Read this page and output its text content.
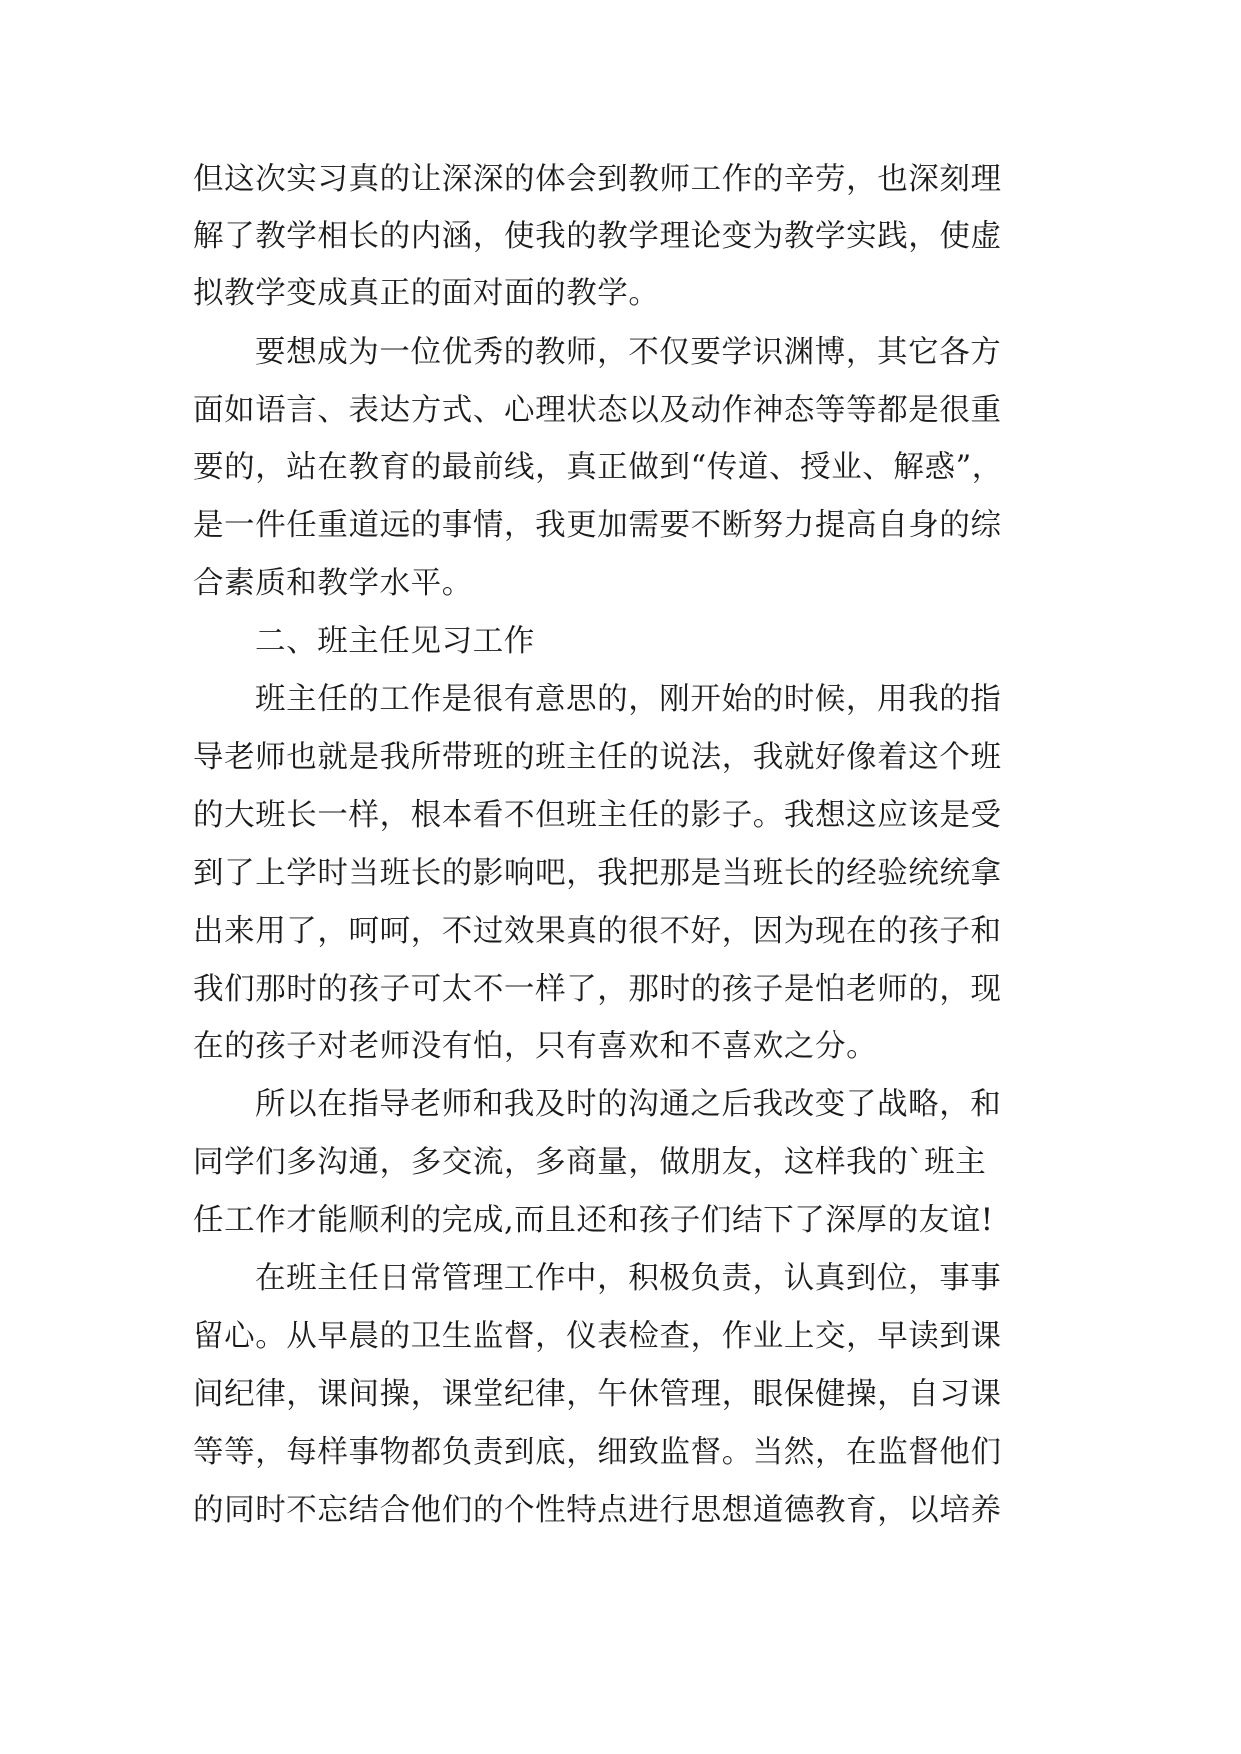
但这次实习真的让深深的体会到教师工作的辛劳，也深刻理
解了教学相长的内涵，使我的教学理论变为教学实践，使虚
拟教学变成真正的面对面的教学。
要想成为一位优秀的教师，不仅要学识渊博，其它各方
面如语言、表达方式、心理状态以及动作神态等等都是很重
要的，站在教育的最前线，真正做到“传道、授业、解惑”，
是一件任重道远的事情，我更加需要不断努力提高自身的综
合素质和教学水平。
二、班主任见习工作
班主任的工作是很有意思的，刚开始的时候，用我的指
导老师也就是我所带班的班主任的说法，我就好像着这个班
的大班长一样，根本看不但班主任的影子。我想这应该是受
到了上学时当班长的影响吧，我把那是当班长的经验统统拿
出来用了，呵呵，不过效果真的很不好，因为现在的孩子和
我们那时的孩子可太不一样了，那时的孩子是怕老师的，现
在的孩子对老师没有怕，只有喜欢和不喜欢之分。
所以在指导老师和我及时的沟通之后我改变了战略，和
同学们多沟通，多交流，多商量，做朋友，这样我的`班主
任工作才能顺利的完成,而且还和孩子们结下了深厚的友谊!
在班主任日常管理工作中，积极负责，认真到位，事事
留心。从早晨的卫生监督，仪表检查，作业上交，早读到课
间纪律，课间操，课堂纪律，午休管理，眼保健操，自习课
等等，每样事物都负责到底，细致监督。当然，在监督他们
的同时不忘结合他们的个性特点进行思想道德教育，以培养
